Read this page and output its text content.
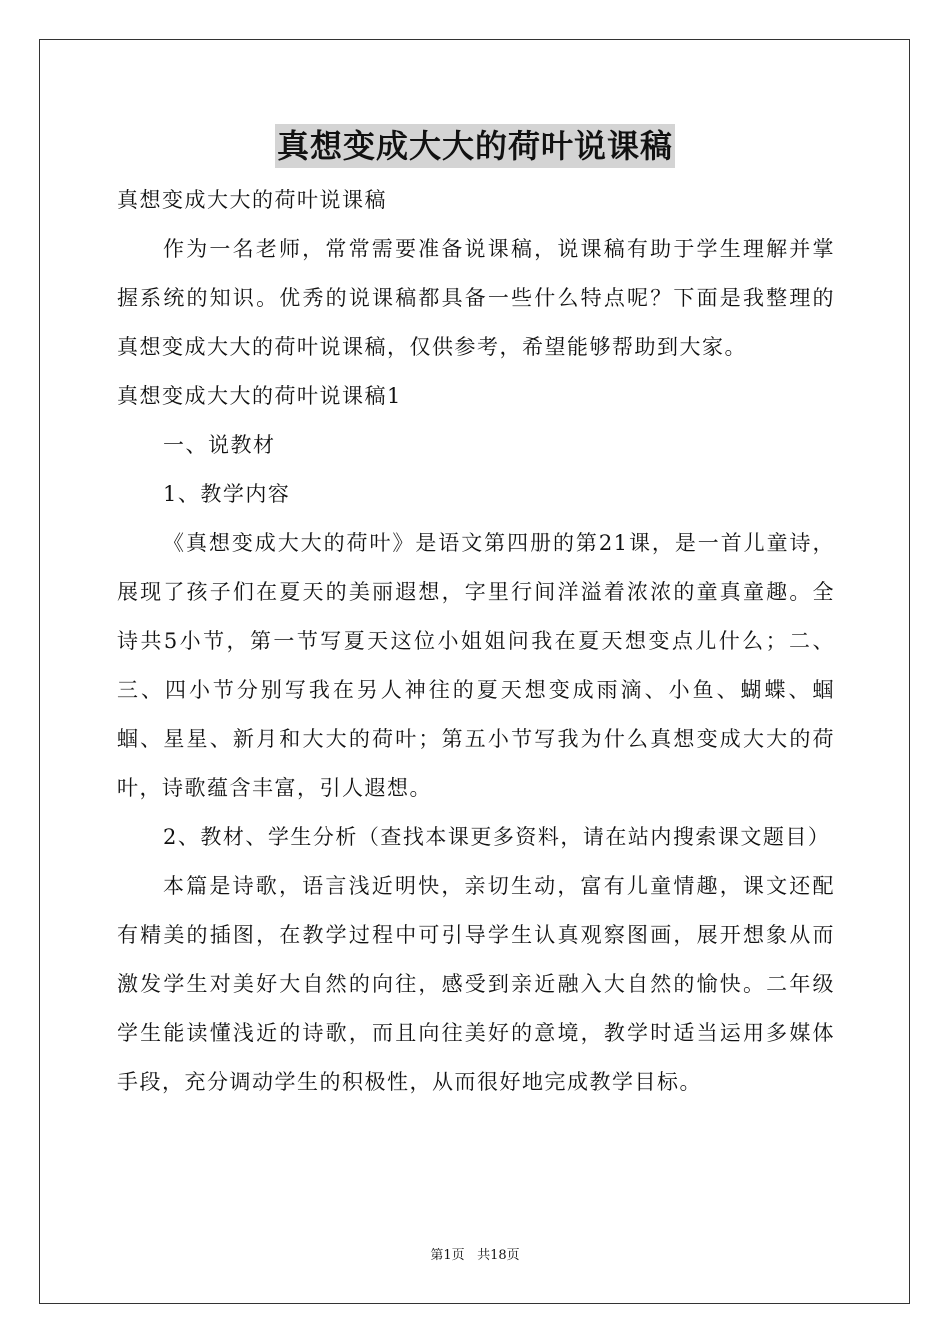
真想变成大大的荷叶说课稿

真想变成大大的荷叶说课稿

作为一名老师，常常需要准备说课稿，说课稿有助于学生理解并掌握系统的知识。优秀的说课稿都具备一些什么特点呢？下面是我整理的真想变成大大的荷叶说课稿，仅供参考，希望能够帮助到大家。

真想变成大大的荷叶说课稿1

一、说教材

1、教学内容

《真想变成大大的荷叶》是语文第四册的第21课，是一首儿童诗，展现了孩子们在夏天的美丽遐想，字里行间洋溢着浓浓的童真童趣。全诗共5小节，第一节写夏天这位小姐姐问我在夏天想变点儿什么；二、三、四小节分别写我在另人神往的夏天想变成雨滴、小鱼、蝴蝶、蝈蝈、星星、新月和大大的荷叶；第五小节写我为什么真想变成大大的荷叶，诗歌蕴含丰富，引人遐想。

2、教材、学生分析（查找本课更多资料，请在站内搜索课文题目）

本篇是诗歌，语言浅近明快，亲切生动，富有儿童情趣，课文还配有精美的插图，在教学过程中可引导学生认真观察图画，展开想象从而激发学生对美好大自然的向往，感受到亲近融入大自然的愉快。二年级学生能读懂浅近的诗歌，而且向往美好的意境，教学时适当运用多媒体手段，充分调动学生的积极性，从而很好地完成教学目标。

第1页 共18页
